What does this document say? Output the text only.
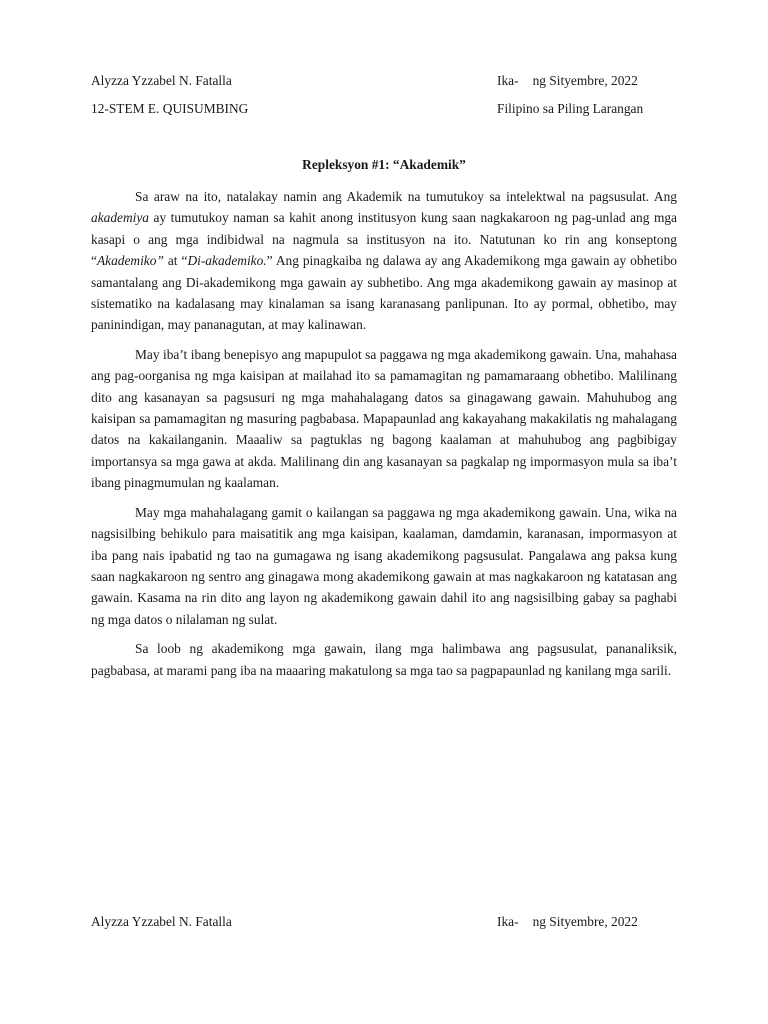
Alyzza Yzzabel N. Fatalla	Ika- ng Sityembre, 2022
12-STEM E. QUISUMBING	Filipino sa Piling Larangan
Repleksyon #1: “Akademik”

Sa araw na ito, natalakay namin ang Akademik na tumutukoy sa intelektwal na pagsusulat. Ang akademiya ay tumutukoy naman sa kahit anong institusyon kung saan nagkakaroon ng pag-unlad ang mga kasapi o ang mga indibidwal na nagmula sa institusyon na ito. Natutunan ko rin ang konseptong “Akademiko” at “Di-akademiko.” Ang pinagkaiba ng dalawa ay ang Akademikong mga gawain ay obhetibo samantalang ang Di-akademikong mga gawain ay subhetibo. Ang mga akademikong gawain ay masinop at sistematiko na kadalasang may kinalaman sa isang karanasang panlipunan. Ito ay pormal, obhetibo, may paninindigan, may pananagutan, at may kalinawan.

May iba’t ibang benepisyo ang mapupulot sa paggawa ng mga akademikong gawain. Una, mahahasa ang pag-oorganisa ng mga kaisipan at mailahad ito sa pamamagitan ng pamamaraang obhetibo. Malilinang dito ang kasanayan sa pagsusuri ng mga mahahalagang datos sa ginagawang gawain. Mahuhubog ang kaisipan sa pamamagitan ng masuring pagbabasa. Mapapaunlad ang kakayahang makakilatis ng mahalagang datos na kakailanganin. Maaaliw sa pagtuklas ng bagong kaalaman at mahuhubog ang pagbibigay importansya sa mga gawa at akda. Malilinang din ang kasanayan sa pagkalap ng impormasyon mula sa iba’t ibang pinagmumulan ng kaalaman.

May mga mahahalagang gamit o kailangan sa paggawa ng mga akademikong gawain. Una, wika na nagsisilbing behikulo para maisatitik ang mga kaisipan, kaalaman, damdamin, karanasan, impormasyon at iba pang nais ipabatid ng tao na gumagawa ng isang akademikong pagsusulat. Pangalawa ang paksa kung saan nagkakaroon ng sentro ang ginagawa mong akademikong gawain at mas nagkakaroon ng katatasan ang gawain. Kasama na rin dito ang layon ng akademikong gawain dahil ito ang nagsisilbing gabay sa paghabi ng mga datos o nilalaman ng sulat.

Sa loob ng akademikong mga gawain, ilang mga halimbawa ang pagsusulat, pananaliksik, pagbabasa, at marami pang iba na maaaring makatulong sa mga tao sa pagpapaunlad ng kanilang mga sarili.

Alyzza Yzzabel N. Fatalla	Ika- ng Sityembre, 2022
